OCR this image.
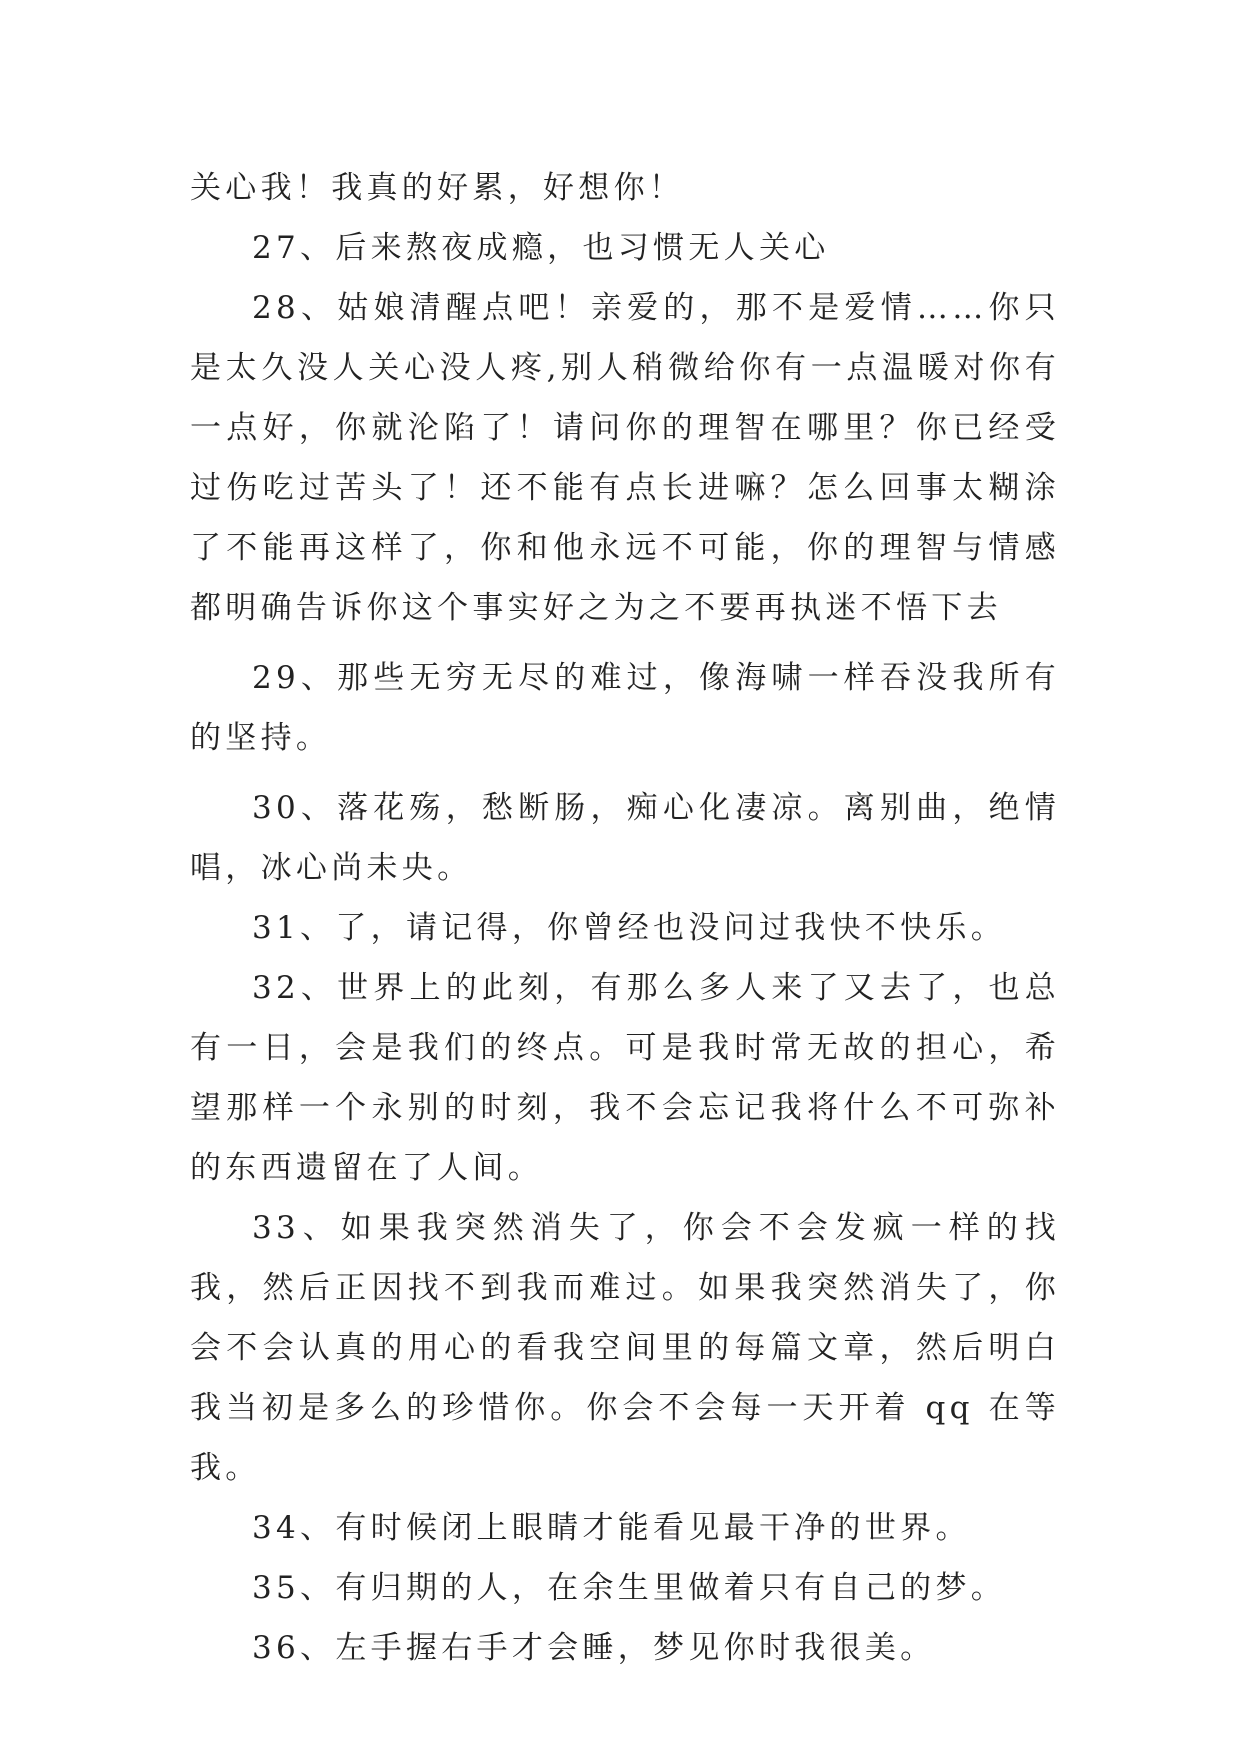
关心我！我真的好累，好想你！

27、后来熬夜成瘾，也习惯无人关心

28、姑娘清醒点吧！亲爱的，那不是爱情……你只是太久没人关心没人疼,别人稍微给你有一点温暖对你有一点好，你就沦陷了！请问你的理智在哪里？你已经受过伤吃过苦头了！还不能有点长进嘛？怎么回事太糊涂了不能再这样了，你和他永远不可能，你的理智与情感都明确告诉你这个事实好之为之不要再执迷不悟下去

29、那些无穷无尽的难过，像海啸一样吞没我所有的坚持。

30、落花殇，愁断肠，痴心化凄凉。离别曲，绝情唱，冰心尚未央。

31、了，请记得，你曾经也没问过我快不快乐。

32、世界上的此刻，有那么多人来了又去了，也总有一日，会是我们的终点。可是我时常无故的担心，希望那样一个永别的时刻，我不会忘记我将什么不可弥补的东西遗留在了人间。

33、如果我突然消失了，你会不会发疯一样的找我，然后正因找不到我而难过。如果我突然消失了，你会不会认真的用心的看我空间里的每篇文章，然后明白我当初是多么的珍惜你。你会不会每一天开着 qq 在等我。

34、有时候闭上眼睛才能看见最干净的世界。

35、有归期的人，在余生里做着只有自己的梦。

36、左手握右手才会睡，梦见你时我很美。
